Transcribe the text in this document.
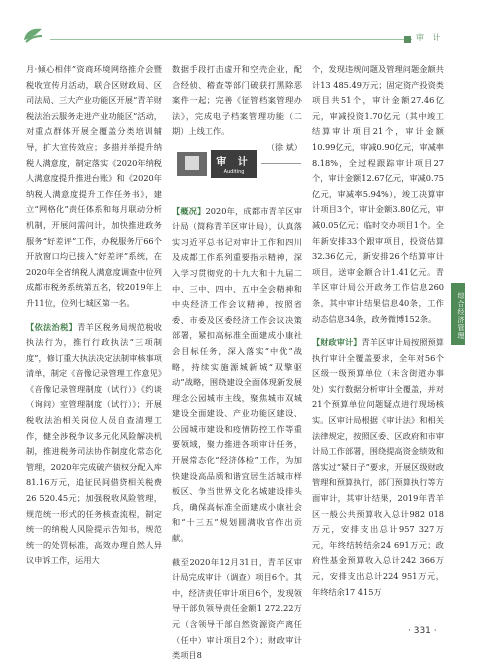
审 计

月·倾心相伴”资商环境网络推介会暨税收宣传月活动，联合区财政局、区司法局、三大产业功能区开展“青羊财税法治云服务走进产业功能区”活动，对重点群体开展全覆盖分类培训辅导，扩大宣传效应；多措并举提升纳税人满意度，制定落实《2020年纳税人满意度提升推进台账》和《2020年纳税人满意度提升工作任务书》，建立“网格化”责任体系和每月联动分析机制，开展问需问计，加快推进政务服务“好差评”工作，办税服务厅66个开放窗口均已接入“好差评”系统，在2020年全省纳税人满意度调查中位列成都市税务系统第五名，较2019年上升11位，位列七城区第一名。

【依法治税】青羊区税务局规范税收执法行为，推行行政执法“三项制度”，修订重大执法决定法制审核事项清单，制定《音像记录管理工作意见》《音像记录管理制度（试行）》《约谈（询问）室管理制度（试行）》；开展税收法治相关岗位人员自查清理工作，健全涉税争议多元化风险解决机制，推进税务司法协作制度化常态化管理，2020年完成破产债权分配入库81.16万元，追征民间借贷相关税费26 520.45元；加强税收风险管理，规范统一形式的任务核查流程，制定统一的纳税人风险提示告知书，规范统一的处罚标准，高效办理自然人异议申诉工作，运用大

数据手段打击虚开和空壳企业，配合经侦、稽查等部门破获打黑除恶案件一起；完善《征管档案管理办法》，完成电子档案管理功能（二期）上线工作。

（徐 斌）

【概况】2020年，成都市青羊区审计局（简称青羊区审计局），认真落实习近平总书记对审计工作和四川及成都工作系列重要指示精神，深入学习贯彻党的十九大和十九届二中、三中、四中、五中全会精神和中央经济工作会议精神，按照省委、市委及区委经济工作会议决策部署，紧扣高标准全面建成小康社会目标任务，深入落实“中优”战略，持续实施源城新城“双擎驱动”战略，围绕建设全面体现新发展理念公园城市主线，聚焦城市双城建设全面建设、产业功能区建设、公园城市建设和疫情防控工作等重要领域，聚力推进各项审计任务，开展常态化“经济体检”工作，为加快建设高品质和谐宜居生活城市样板区、争当世界文化名城建设排头兵，确保高标准全面建成小康社会和“十三五”规划圆满收官作出贡献。

截至2020年12月31日，青羊区审计局完成审计（调查）项目6个。其中，经济责任审计项目6个，发现领导干部负领导责任金额1 272.22万元（含领导干部自然资源资产离任（任中）审计项目2个）；财政审计类项目8

审 计
Auditing

个，发现违规问题及管理问题金额共计13 485.49万元；固定资产投资类项目共51个，审计金额27.46亿元，审减投资1.70亿元（其中竣工结算审计项目21个，审计金额10.99亿元，审减0.90亿元，审减率8.18%，全过程跟踪审计项目27个，审计金额12.67亿元，审减0.75亿元，审减率5.94%），竣工决算审计项目3个，审计金额3.80亿元，审减0.05亿元；临时交办项目1个。全年新安排33个跟审项目，投资估算32.36亿元，新安排26个结算审计项目，送审金额合计1.41亿元。青羊区审计局公开政务工作信息260条，其中审计结果信息40条，工作动态信息34条，政务微博152条。

【财政审计】青羊区审计局按照预算执行审计全覆盖要求，全年对56个区级一级预算单位（未含街道办事处）实行数据分析审计全覆盖，并对21个预算单位问题疑点进行现场核实。区审计局根据《审计法》和相关法律规定，按照区委、区政府和市审计局工作部署，围绕提高资金绩效和落实过“紧日子”要求，开展区级财政管理和预算执行，部门预算执行等方面审计，其审计结果，2019年青羊区一般公共预算收入总计982 018万元，安排支出总计957 327万元，年终结转结余24 691万元；政府性基金预算收入总计242 366万元，安排支出总计224 951万元，年终结余17 415万

综合经济管理
· 331 ·
